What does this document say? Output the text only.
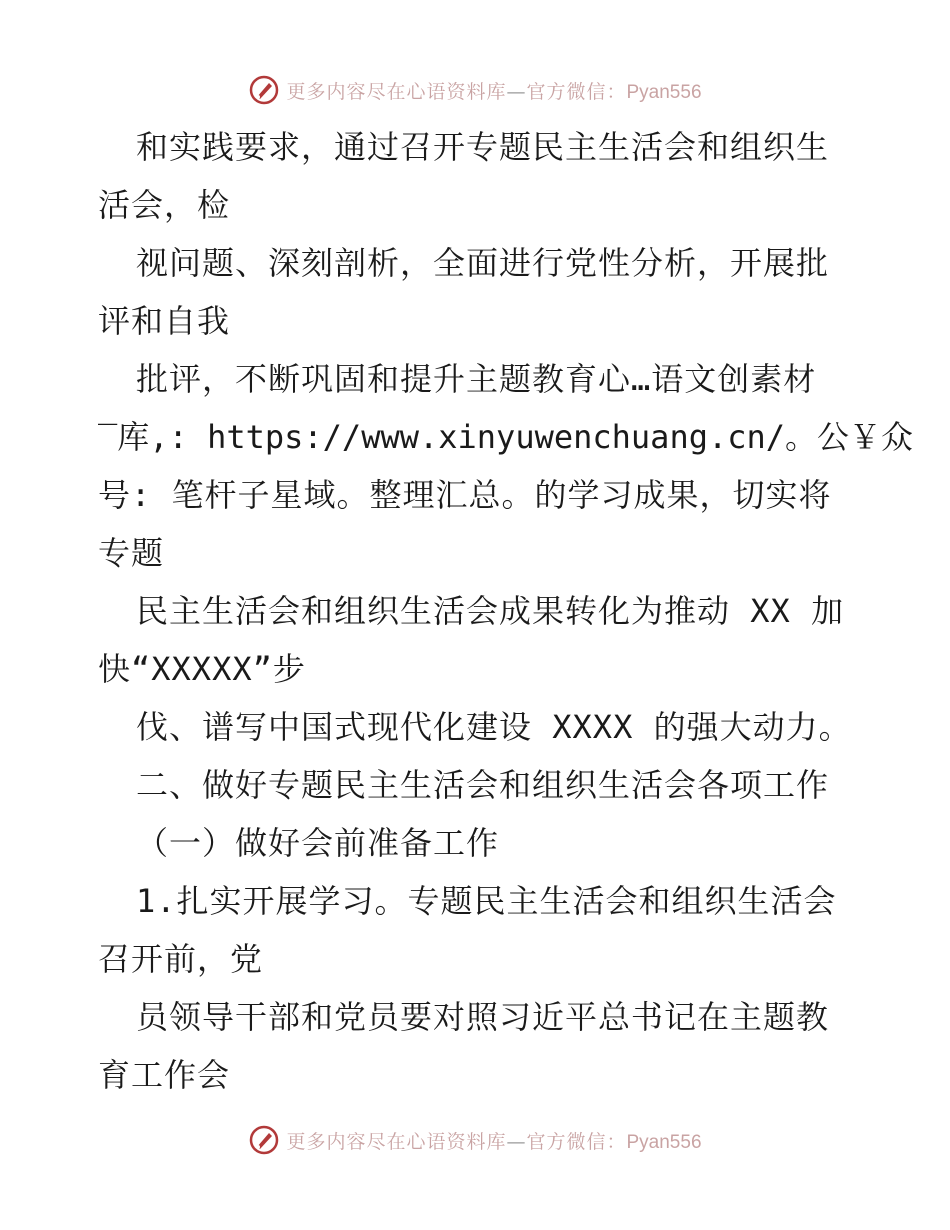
更多内容尽在心语资料库—官方微信：Pyan556
和实践要求，通过召开专题民主生活会和组织生
活会，检
视问题、深刻剖析，全面进行党性分析，开展批
评和自我
批评，不断巩固和提升主题教育心…语文创素材
‾库,: https://www.xinyuwenchuang.cn/。公￥众
号: 笔杆子星域。整理汇总。的学习成果，切实将
专题
民主生活会和组织生活会成果转化为推动 XX 加
快“XXXXX”步
伐、谱写中国式现代化建设 XXXX 的强大动力。
二、做好专题民主生活会和组织生活会各项工作
（一）做好会前准备工作
1.扎实开展学习。专题民主生活会和组织生活会
召开前，党
员领导干部和党员要对照习近平总书记在主题教
育工作会
更多内容尽在心语资料库—官方微信：Pyan556
